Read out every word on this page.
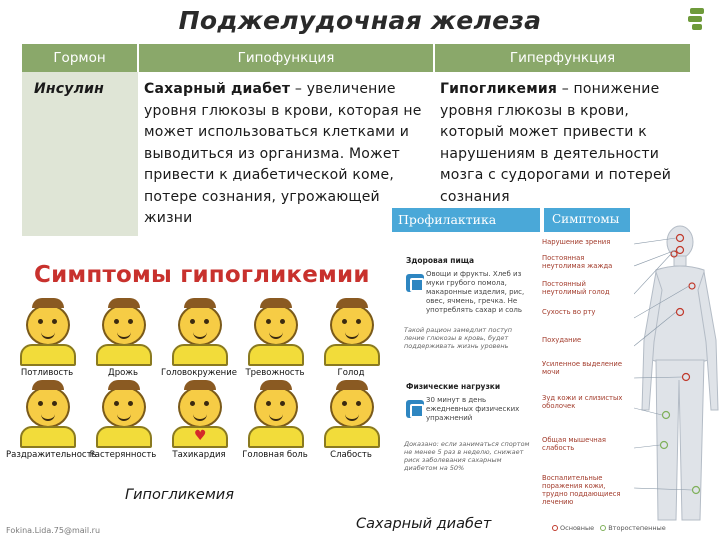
Поджелудочная железа
Гормон	Гипофункция	Гиперфункция
Инсулин	Сахарный диабет – увеличение уровня глюкозы в крови, которая не может использоваться клетками и выводиться из организма. Может привести к диабетической коме, потере сознания, угрожающей жизни	Гипогликемия – понижение уровня глюкозы в крови, который может привести к нарушениям в деятельности мозга с судорогами и потерей сознания
Симптомы гипогликемии
Потливость	Дрожь	Головокружение Тревожность	Голод
Раздражительность
Растерянность
♥
Тахикардия	Головная боль	Слабость
Гипогликемия
Fokina.Lida.75@mail.ru
Профилактика
Здоровая пища
Овощи и фрукты. Хлеб из муки грубого помола, макаронные изделия, рис, овес, ячмень, гречка. Не употреблять сахар и соль
Такой рацион замедлит поступ ление глюкозы в кровь, будет поддерживать жизнь уровень
Физические нагрузки
30 минут в день ежедневных физических упражнений
Доказано: если заниматься спортом не менее 5 раз в неделю, снижает риск заболевания сахарным диабетом на 50%
Симптомы
Нарушение зрения
Постоянная неутолимая жажда
Постоянный неутолимый голод
Сухость во рту
Похудание
Усиленное выделение мочи
Зуд кожи и слизистых оболочек
Общая мышечная слабость
Воспалительные поражения кожи, трудно поддающиеся лечению
Основные Второстепенные
Сахарный диабет
